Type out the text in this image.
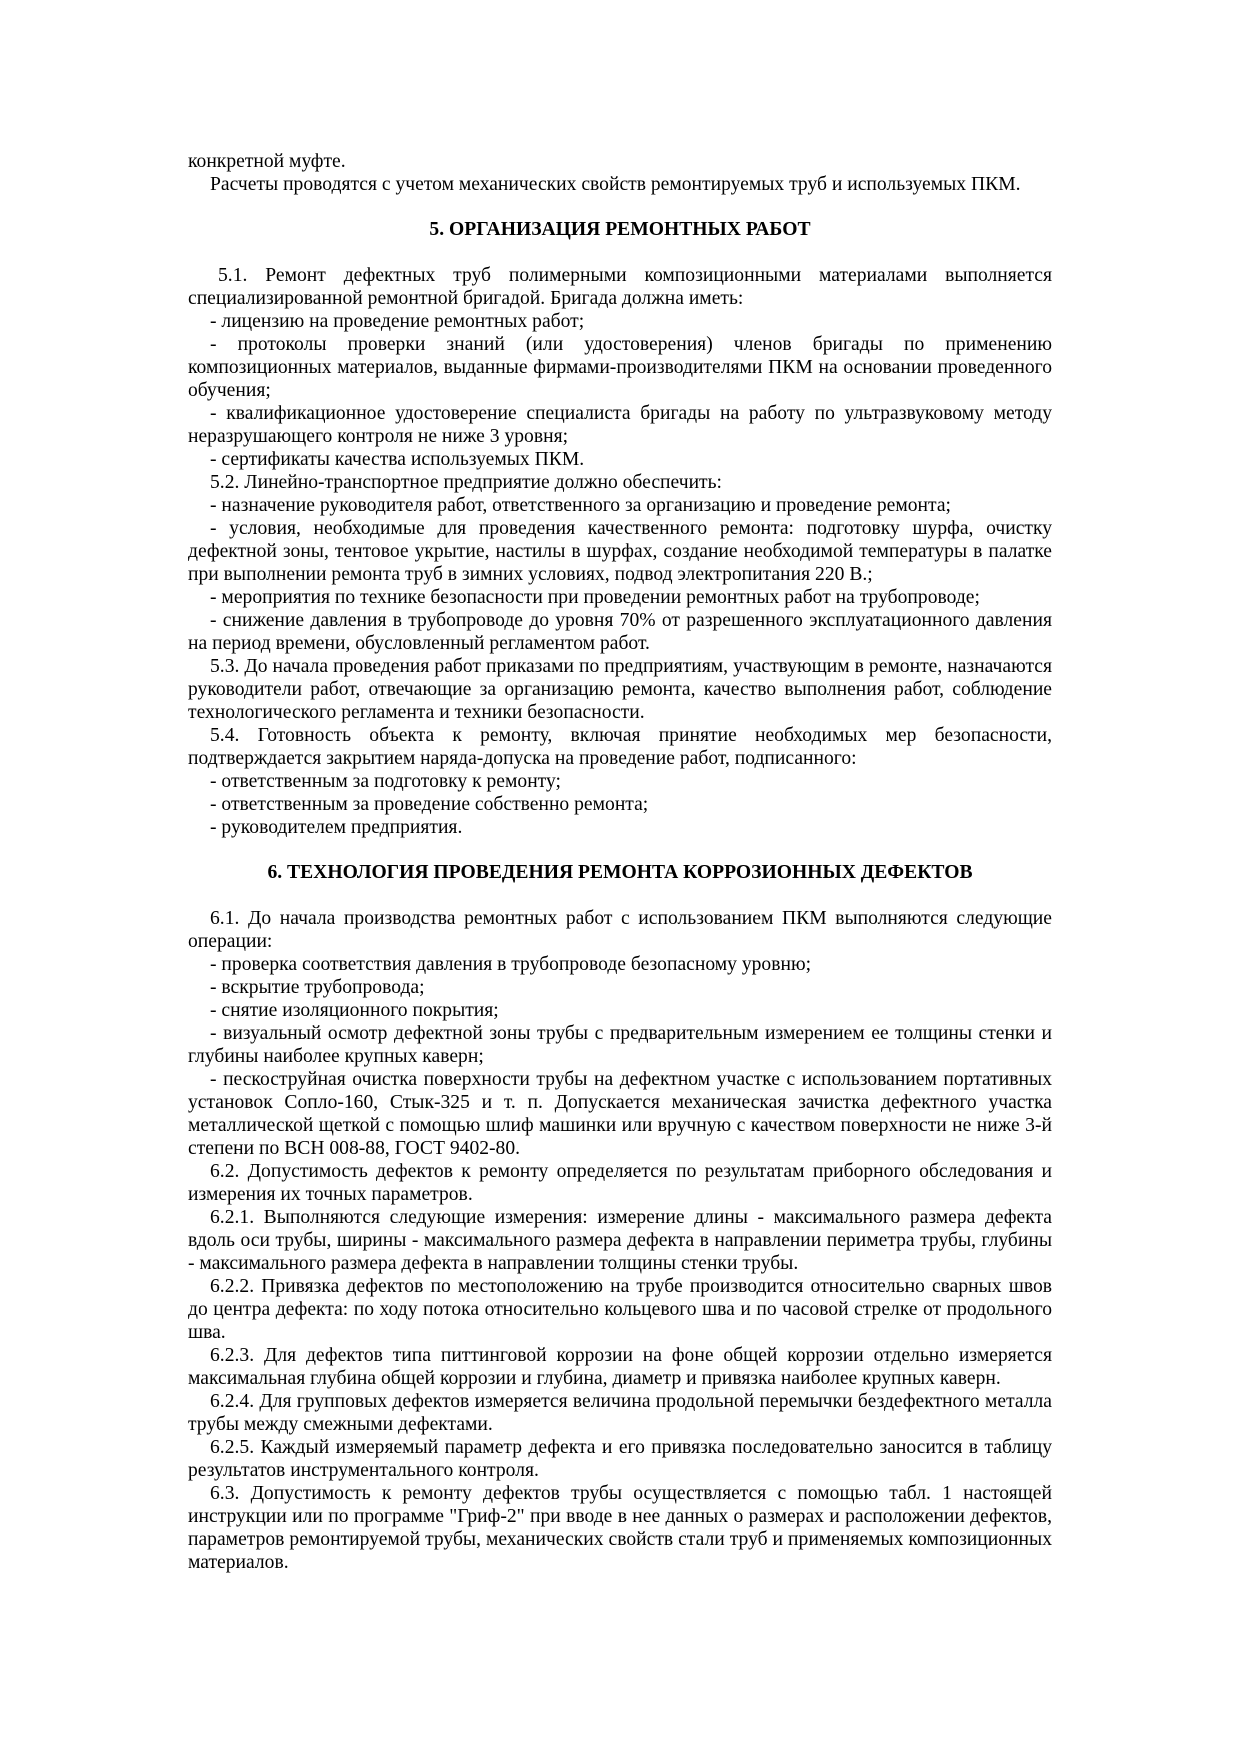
конкретной муфте.

Расчеты проводятся с учетом механических свойств ремонтируемых труб и используемых ПКМ.

5. ОРГАНИЗАЦИЯ РЕМОНТНЫХ РАБОТ

5.1. Ремонт дефектных труб полимерными композиционными материалами выполняется специализированной ремонтной бригадой. Бригада должна иметь:

- лицензию на проведение ремонтных работ;

- протоколы проверки знаний (или удостоверения) членов бригады по применению композиционных материалов, выданные фирмами-производителями ПКМ на основании проведенного обучения;

- квалификационное удостоверение специалиста бригады на работу по ультразвуковому методу неразрушающего контроля не ниже 3 уровня;

- сертификаты качества используемых ПКМ.

5.2. Линейно-транспортное предприятие должно обеспечить:

- назначение руководителя работ, ответственного за организацию и проведение ремонта;

- условия, необходимые для проведения качественного ремонта: подготовку шурфа, очистку дефектной зоны, тентовое укрытие, настилы в шурфах, создание необходимой температуры в палатке при выполнении ремонта труб в зимних условиях, подвод электропитания 220 В.;

- мероприятия по технике безопасности при проведении ремонтных работ на трубопроводе;

- снижение давления в трубопроводе до уровня 70% от разрешенного эксплуатационного давления на период времени, обусловленный регламентом работ.

5.3. До начала проведения работ приказами по предприятиям, участвующим в ремонте, назначаются руководители работ, отвечающие за организацию ремонта, качество выполнения работ, соблюдение технологического регламента и техники безопасности.

5.4. Готовность объекта к ремонту, включая принятие необходимых мер безопасности, подтверждается закрытием наряда-допуска на проведение работ, подписанного:

- ответственным за подготовку к ремонту;

- ответственным за проведение собственно ремонта;

- руководителем предприятия.

6. ТЕХНОЛОГИЯ ПРОВЕДЕНИЯ РЕМОНТА КОРРОЗИОННЫХ ДЕФЕКТОВ

6.1. До начала производства ремонтных работ с использованием ПКМ выполняются следующие операции:

- проверка соответствия давления в трубопроводе безопасному уровню;

- вскрытие трубопровода;

- снятие изоляционного покрытия;

- визуальный осмотр дефектной зоны трубы с предварительным измерением ее толщины стенки и глубины наиболее крупных каверн;

- пескоструйная очистка поверхности трубы на дефектном участке с использованием портативных установок Сопло-160, Стык-325 и т. п. Допускается механическая зачистка дефектного участка металлической щеткой с помощью шлиф машинки или вручную с качеством поверхности не ниже 3-й степени по ВСН 008-88, ГОСТ 9402-80.

6.2. Допустимость дефектов к ремонту определяется по результатам приборного обследования и измерения их точных параметров.

6.2.1. Выполняются следующие измерения: измерение длины - максимального размера дефекта вдоль оси трубы, ширины - максимального размера дефекта в направлении периметра трубы, глубины - максимального размера дефекта в направлении толщины стенки трубы.

6.2.2. Привязка дефектов по местоположению на трубе производится относительно сварных швов до центра дефекта: по ходу потока относительно кольцевого шва и по часовой стрелке от продольного шва.

6.2.3. Для дефектов типа питтинговой коррозии на фоне общей коррозии отдельно измеряется максимальная глубина общей коррозии и глубина, диаметр и привязка наиболее крупных каверн.

6.2.4. Для групповых дефектов измеряется величина продольной перемычки бездефектного металла трубы между смежными дефектами.

6.2.5. Каждый измеряемый параметр дефекта и его привязка последовательно заносится в таблицу результатов инструментального контроля.

6.3. Допустимость к ремонту дефектов трубы осуществляется с помощью табл. 1 настоящей инструкции или по программе "Гриф-2" при вводе в нее данных о размерах и расположении дефектов, параметров ремонтируемой трубы, механических свойств стали труб и применяемых композиционных материалов.
